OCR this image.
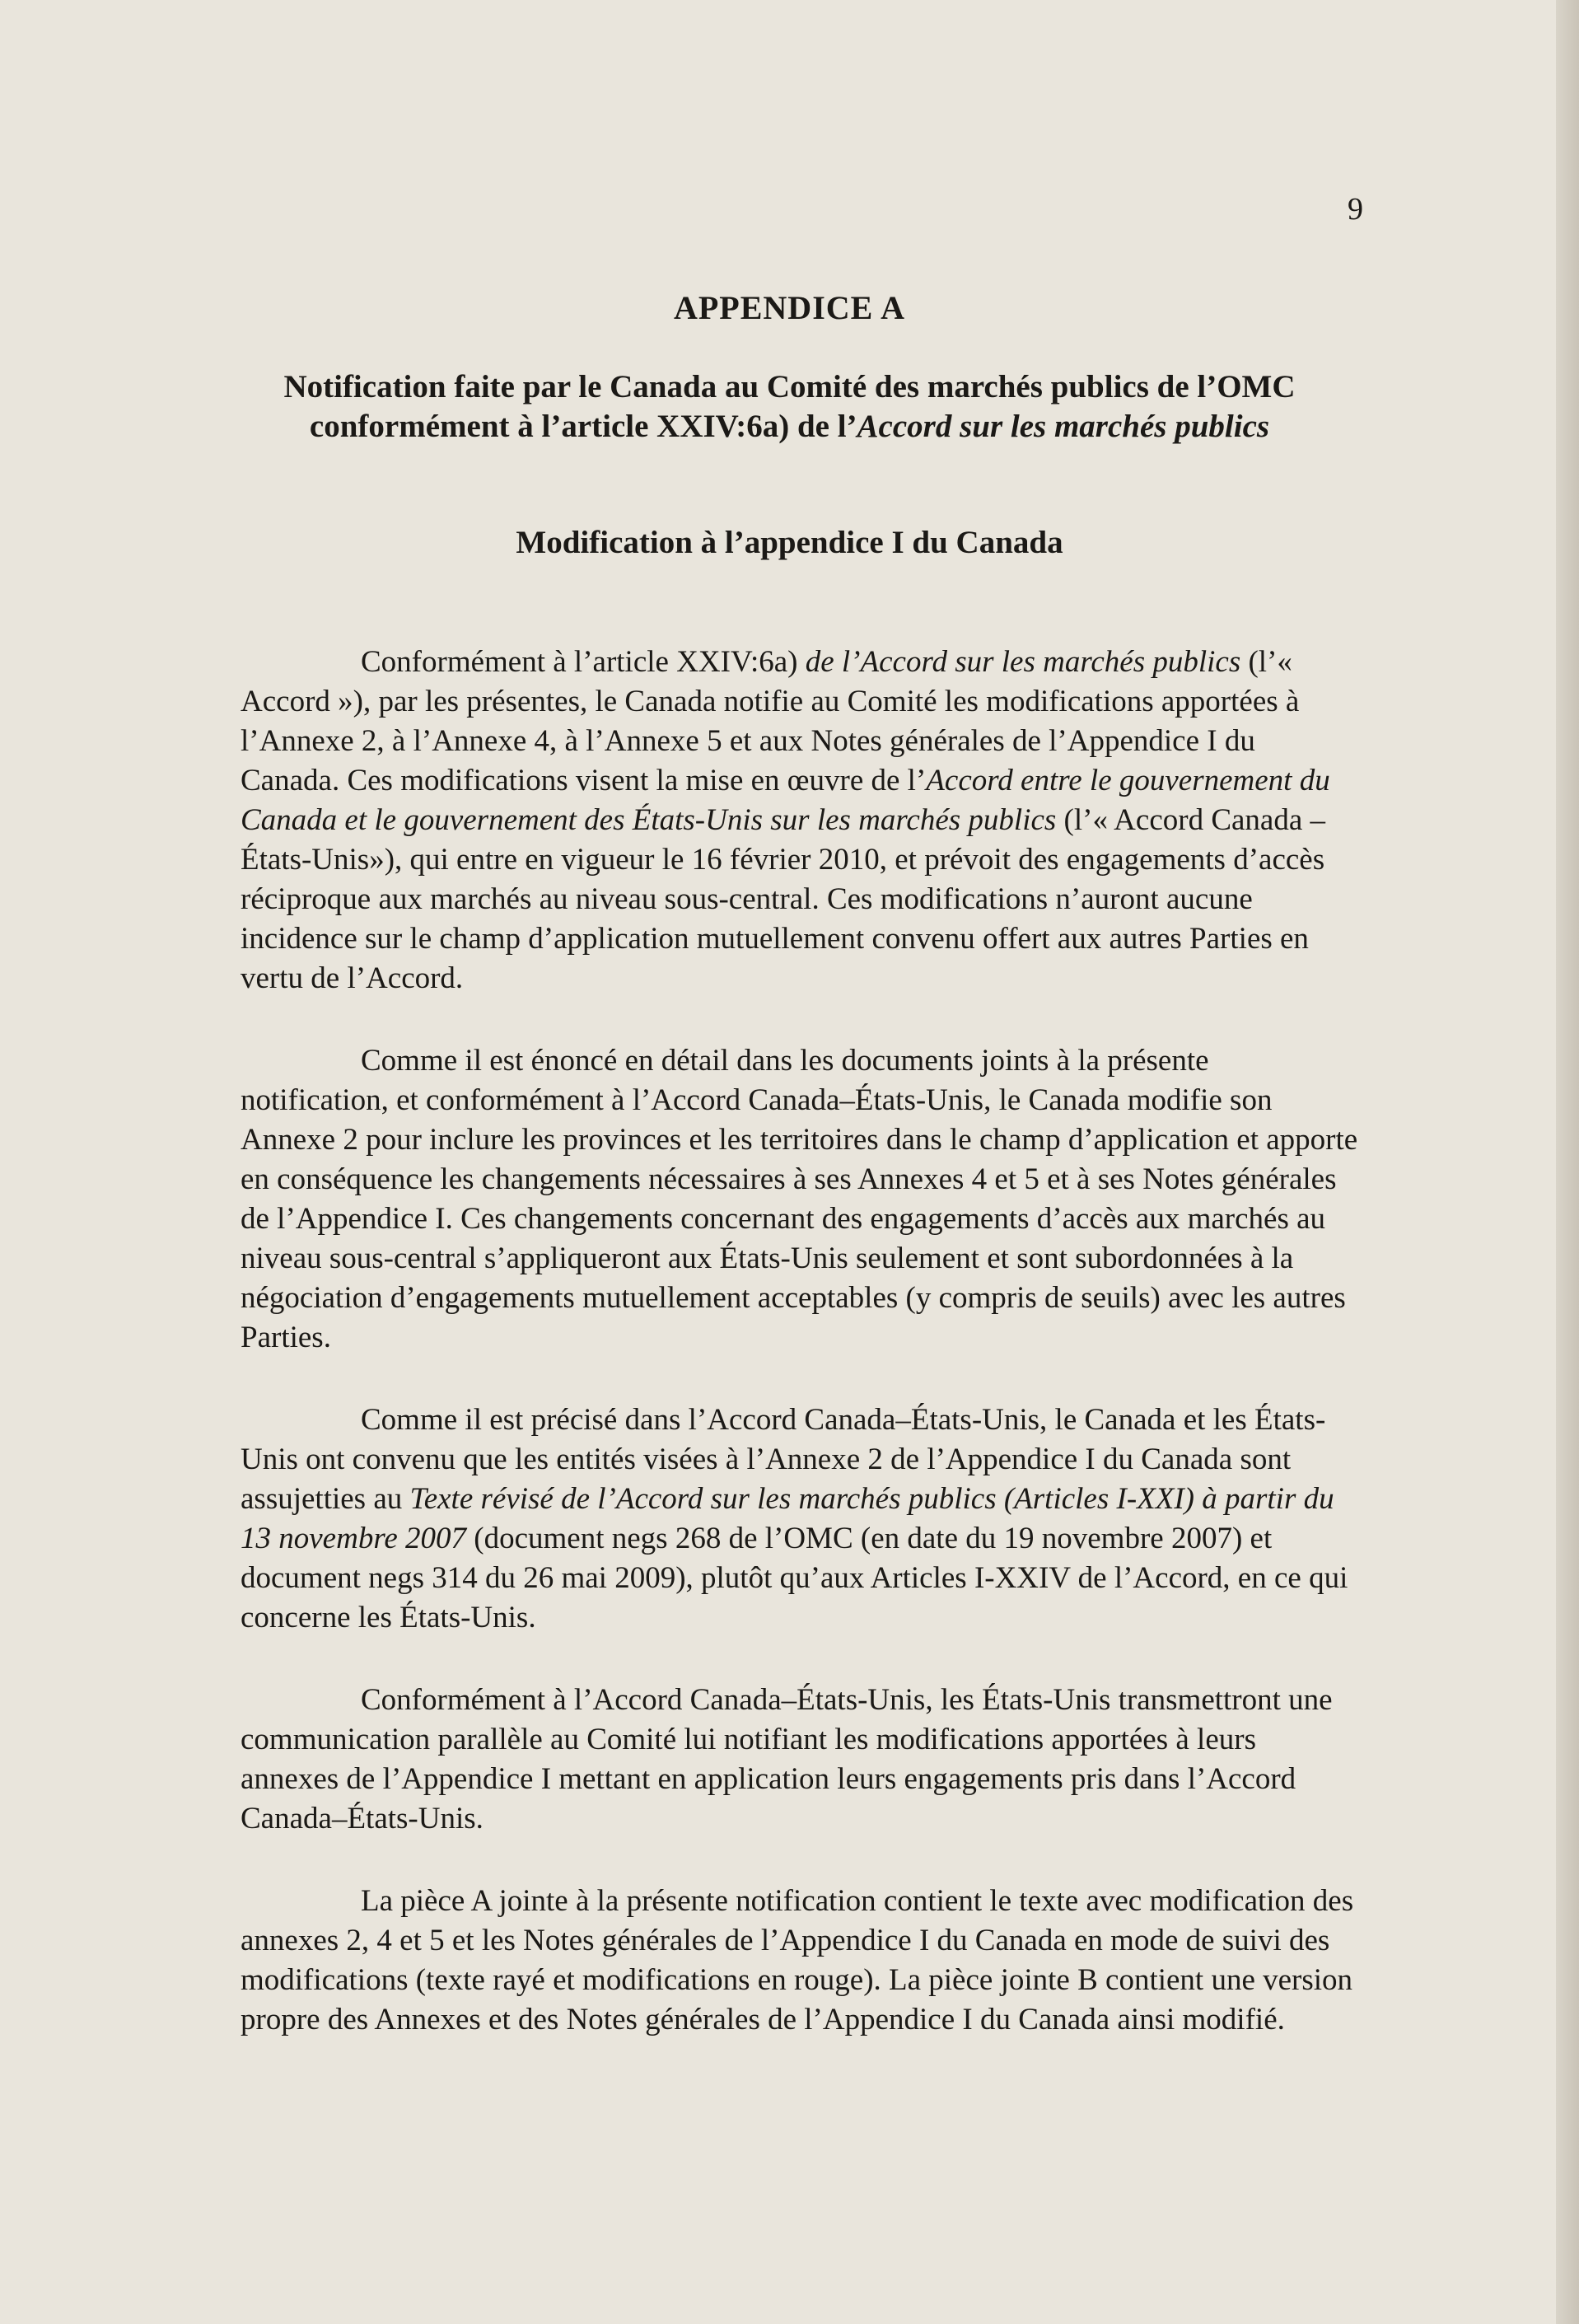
9
APPENDICE A
Notification faite par le Canada au Comité des marchés publics de l’OMC
conformément à l’article XXIV:6a) de l’Accord sur les marchés publics
Modification à l’appendice I du Canada

Conformément à l’article XXIV:6a) de l’Accord sur les marchés publics (l’« Accord »), par les présentes, le Canada notifie au Comité les modifications apportées à l’Annexe 2, à l’Annexe 4, à l’Annexe 5 et aux Notes générales de l’Appendice I du Canada. Ces modifications visent la mise en œuvre de l’Accord entre le gouvernement du Canada et le gouvernement des États-Unis sur les marchés publics (l’« Accord Canada – États-Unis»), qui entre en vigueur le 16 février 2010, et prévoit des engagements d’accès réciproque aux marchés au niveau sous-central. Ces modifications n’auront aucune incidence sur le champ d’application mutuellement convenu offert aux autres Parties en vertu de l’Accord.

Comme il est énoncé en détail dans les documents joints à la présente notification, et conformément à l’Accord Canada–États-Unis, le Canada modifie son Annexe 2 pour inclure les provinces et les territoires dans le champ d’application et apporte en conséquence les changements nécessaires à ses Annexes 4 et 5 et à ses Notes générales de l’Appendice I. Ces changements concernant des engagements d’accès aux marchés au niveau sous-central s’appliqueront aux États-Unis seulement et sont subordonnées à la négociation d’engagements mutuellement acceptables (y compris de seuils) avec les autres Parties.

Comme il est précisé dans l’Accord Canada–États-Unis, le Canada et les États-Unis ont convenu que les entités visées à l’Annexe 2 de l’Appendice I du Canada sont assujetties au Texte révisé de l’Accord sur les marchés publics (Articles I-XXI) à partir du 13 novembre 2007 (document negs 268 de l’OMC (en date du 19 novembre 2007) et document negs 314 du 26 mai 2009), plutôt qu’aux Articles I-XXIV de l’Accord, en ce qui concerne les États-Unis.

Conformément à l’Accord Canada–États-Unis, les États-Unis transmettront une communication parallèle au Comité lui notifiant les modifications apportées à leurs annexes de l’Appendice I mettant en application leurs engagements pris dans l’Accord Canada–États-Unis.

La pièce A jointe à la présente notification contient le texte avec modification des annexes 2, 4 et 5 et les Notes générales de l’Appendice I du Canada en mode de suivi des modifications (texte rayé et modifications en rouge). La pièce jointe B contient une version propre des Annexes et des Notes générales de l’Appendice I du Canada ainsi modifié.
